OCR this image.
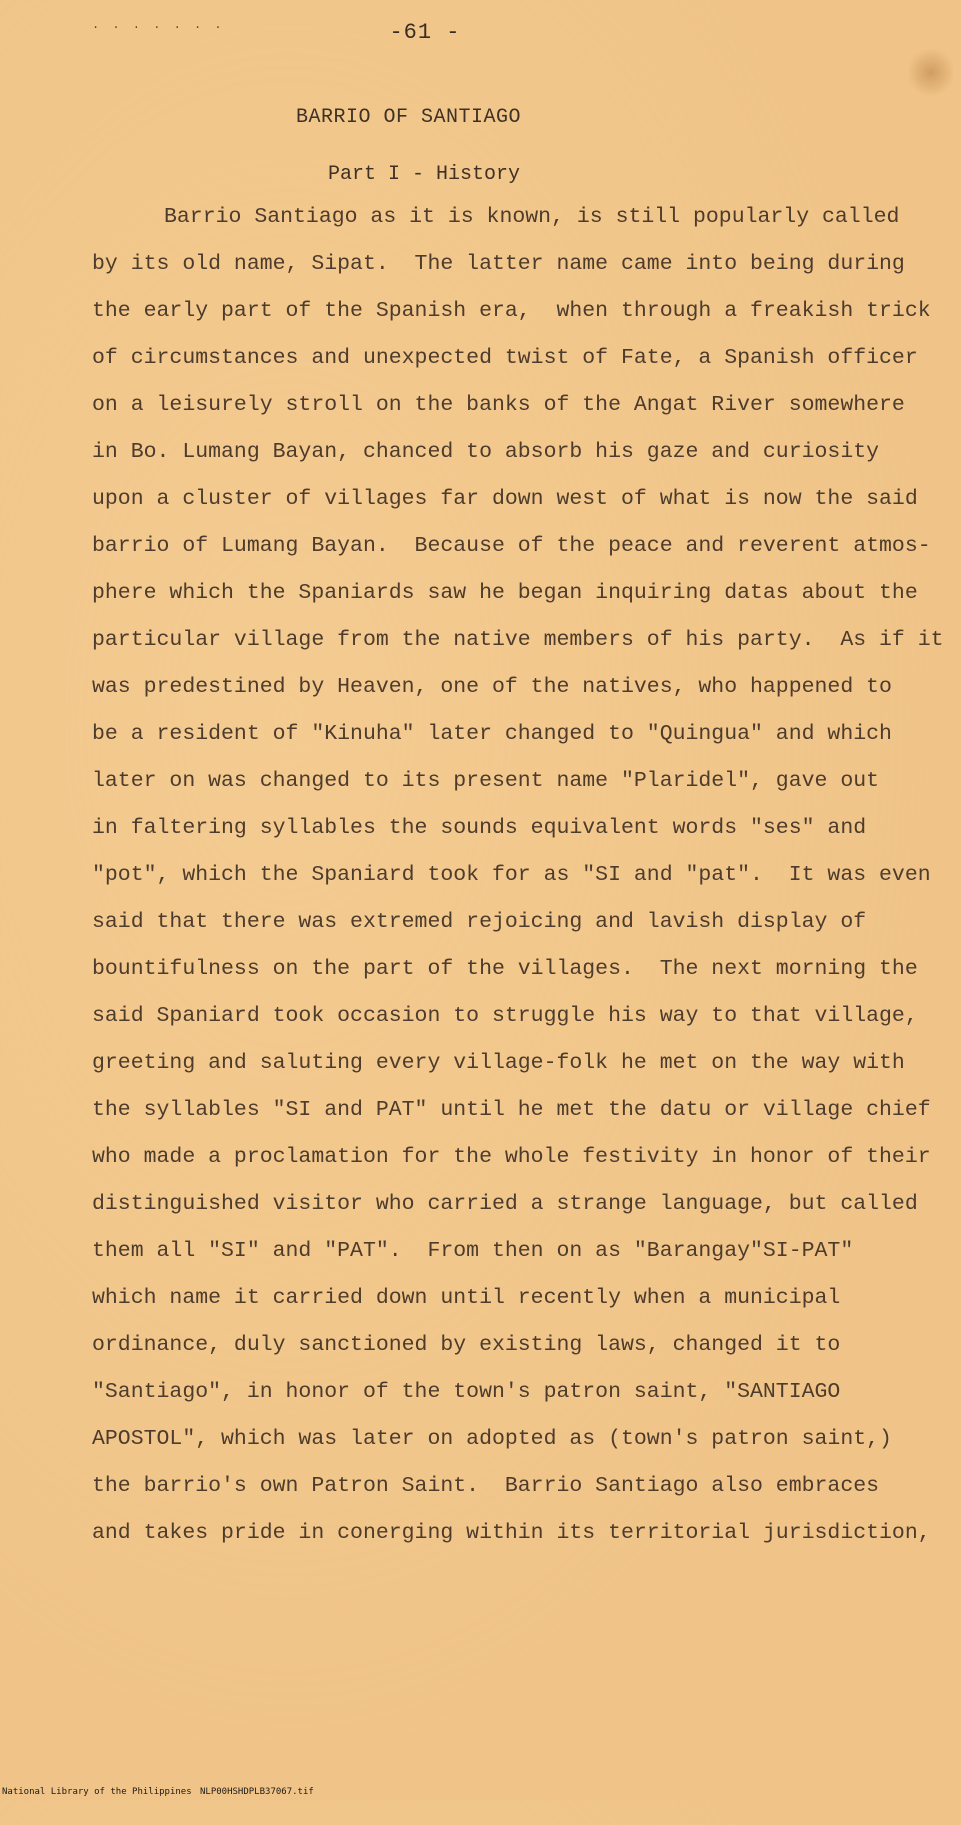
. . . . . . .	-61 -
BARRIO OF SANTIAGO
Part I - History
Barrio Santiago as it is known, is still popularly called
by its old name, Sipat.  The latter name came into being during
the early part of the Spanish era,  when through a freakish trick
of circumstances and unexpected twist of Fate, a Spanish officer
on a leisurely stroll on the banks of the Angat River somewhere
in Bo. Lumang Bayan, chanced to absorb his gaze and curiosity
upon a cluster of villages far down west of what is now the said
barrio of Lumang Bayan.  Because of the peace and reverent atmos-
phere which the Spaniards saw he began inquiring datas about the
particular village from the native members of his party.  As if it
was predestined by Heaven, one of the natives, who happened to
be a resident of "Kinuha" later changed to "Quingua" and which
later on was changed to its present name "Plaridel", gave out
in faltering syllables the sounds equivalent words "ses" and
"pot", which the Spaniard took for as "SI and "pat".  It was even
said that there was extremed rejoicing and lavish display of
bountifulness on the part of the villages.  The next morning the
said Spaniard took occasion to struggle his way to that village,
greeting and saluting every village-folk he met on the way with
the syllables "SI and PAT" until he met the datu or village chief
who made a proclamation for the whole festivity in honor of their
distinguished visitor who carried a strange language, but called
them all "SI" and "PAT".  From then on as "Barangay"SI-PAT"
which name it carried down until recently when a municipal
ordinance, duly sanctioned by existing laws, changed it to
"Santiago", in honor of the town's patron saint, "SANTIAGO
APOSTOL", which was later on adopted as (town's patron saint,)
the barrio's own Patron Saint.  Barrio Santiago also embraces
and takes pride in conerging within its territorial jurisdiction,

National Library of the Philippines

NLP00HSHDPLB37067.tif
